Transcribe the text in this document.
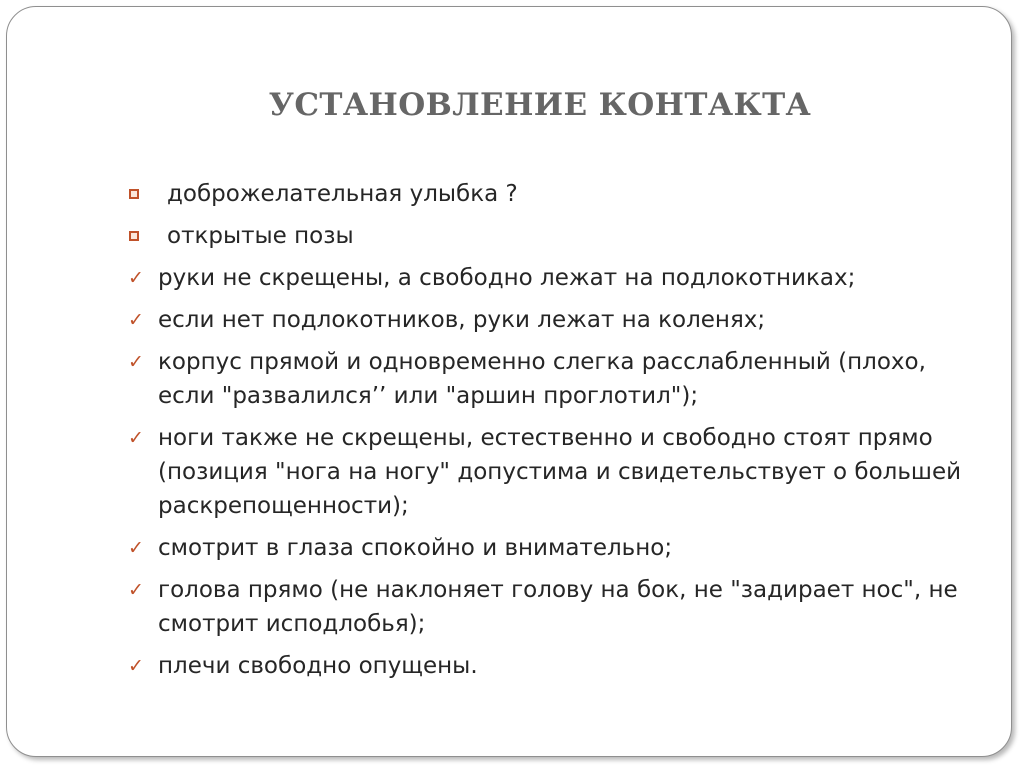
УСТАНОВЛЕНИЕ КОНТАКТА
доброжелательная улыбка ?
открытые позы
✓ руки не скрещены, а свободно лежат на подлокотниках;
✓ если нет подлокотников, руки лежат на коленях;
✓ корпус прямой и одновременно слегка расслабленный (плохо, если "развалился’’ или "аршин проглотил");
✓ ноги также не скрещены, естественно и свободно стоят прямо (позиция "нога на ногу" допустима и свидетельствует о большей раскрепощенности);
✓ смотрит в глаза спокойно и внимательно;
✓ голова прямо (не наклоняет голову на бок, не "задирает нос", не смотрит исподлобья);
✓ плечи свободно опущены.
